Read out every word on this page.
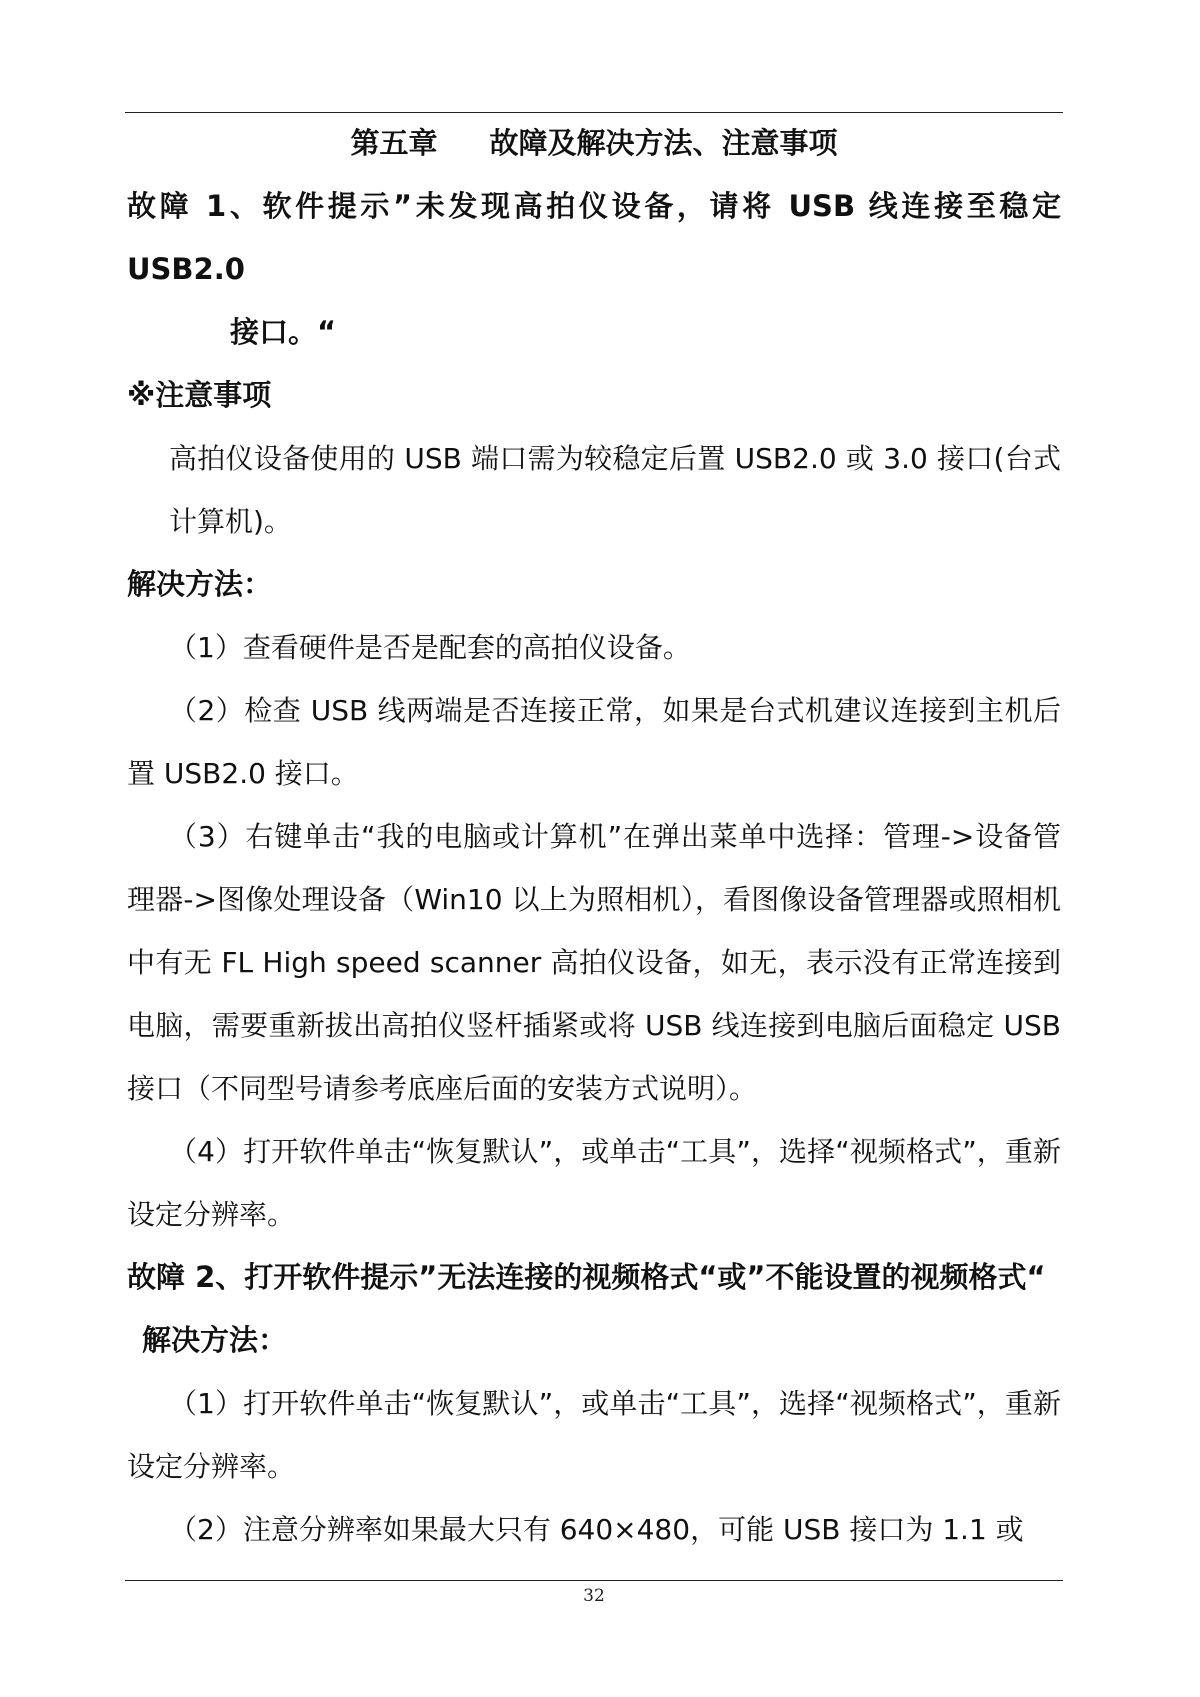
第五章 故障及解决方法、注意事项

故障 1、软件提示”未发现高拍仪设备，请将 USB 线连接至稳定 USB2.0
接口。“

※注意事项

高拍仪设备使用的 USB 端口需为较稳定后置 USB2.0 或 3.0 接口(台式计算机)。

解决方法：

（1）查看硬件是否是配套的高拍仪设备。

（2）检查 USB 线两端是否连接正常，如果是台式机建议连接到主机后置 USB2.0 接口。

（3）右键单击“我的电脑或计算机”在弹出菜单中选择：管理->设备管理器->图像处理设备（Win10 以上为照相机），看图像设备管理器或照相机中有无 FL High speed scanner 高拍仪设备，如无，表示没有正常连接到电脑，需要重新拔出高拍仪竖杆插紧或将 USB 线连接到电脑后面稳定 USB 接口（不同型号请参考底座后面的安装方式说明）。

（4）打开软件单击“恢复默认”，或单击“工具”，选择“视频格式”，重新设定分辨率。

故障 2、打开软件提示”无法连接的视频格式“或”不能设置的视频格式“

解决方法：

（1）打开软件单击“恢复默认”，或单击“工具”，选择“视频格式”，重新设定分辨率。

（2）注意分辨率如果最大只有 640×480，可能 USB 接口为 1.1 或

32
